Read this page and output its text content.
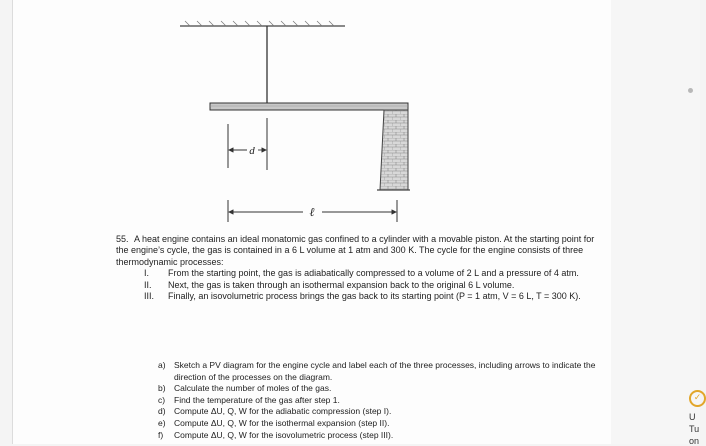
✓
U
Tu
on
d
ℓ

55. A heat engine contains an ideal monatomic gas confined to a cylinder with a movable piston. At the starting point for the engine’s cycle, the gas is contained in a 6 L volume at 1 atm and 300 K. The cycle for the engine consists of three thermodynamic processes:

I. From the starting point, the gas is adiabatically compressed to a volume of 2 L and a pressure of 4 atm.
II. Next, the gas is taken through an isothermal expansion back to the original 6 L volume.
III. Finally, an isovolumetric process brings the gas back to its starting point (P = 1 atm, V = 6 L, T = 300 K).
a) Sketch a PV diagram for the engine cycle and label each of the three processes, including arrows to indicate the direction of the processes on the diagram.
b) Calculate the number of moles of the gas.
c) Find the temperature of the gas after step 1.
d) Compute ΔU, Q, W for the adiabatic compression (step I).
e) Compute ΔU, Q, W for the isothermal expansion (step II).
f) Compute ΔU, Q, W for the isovolumetric process (step III).
